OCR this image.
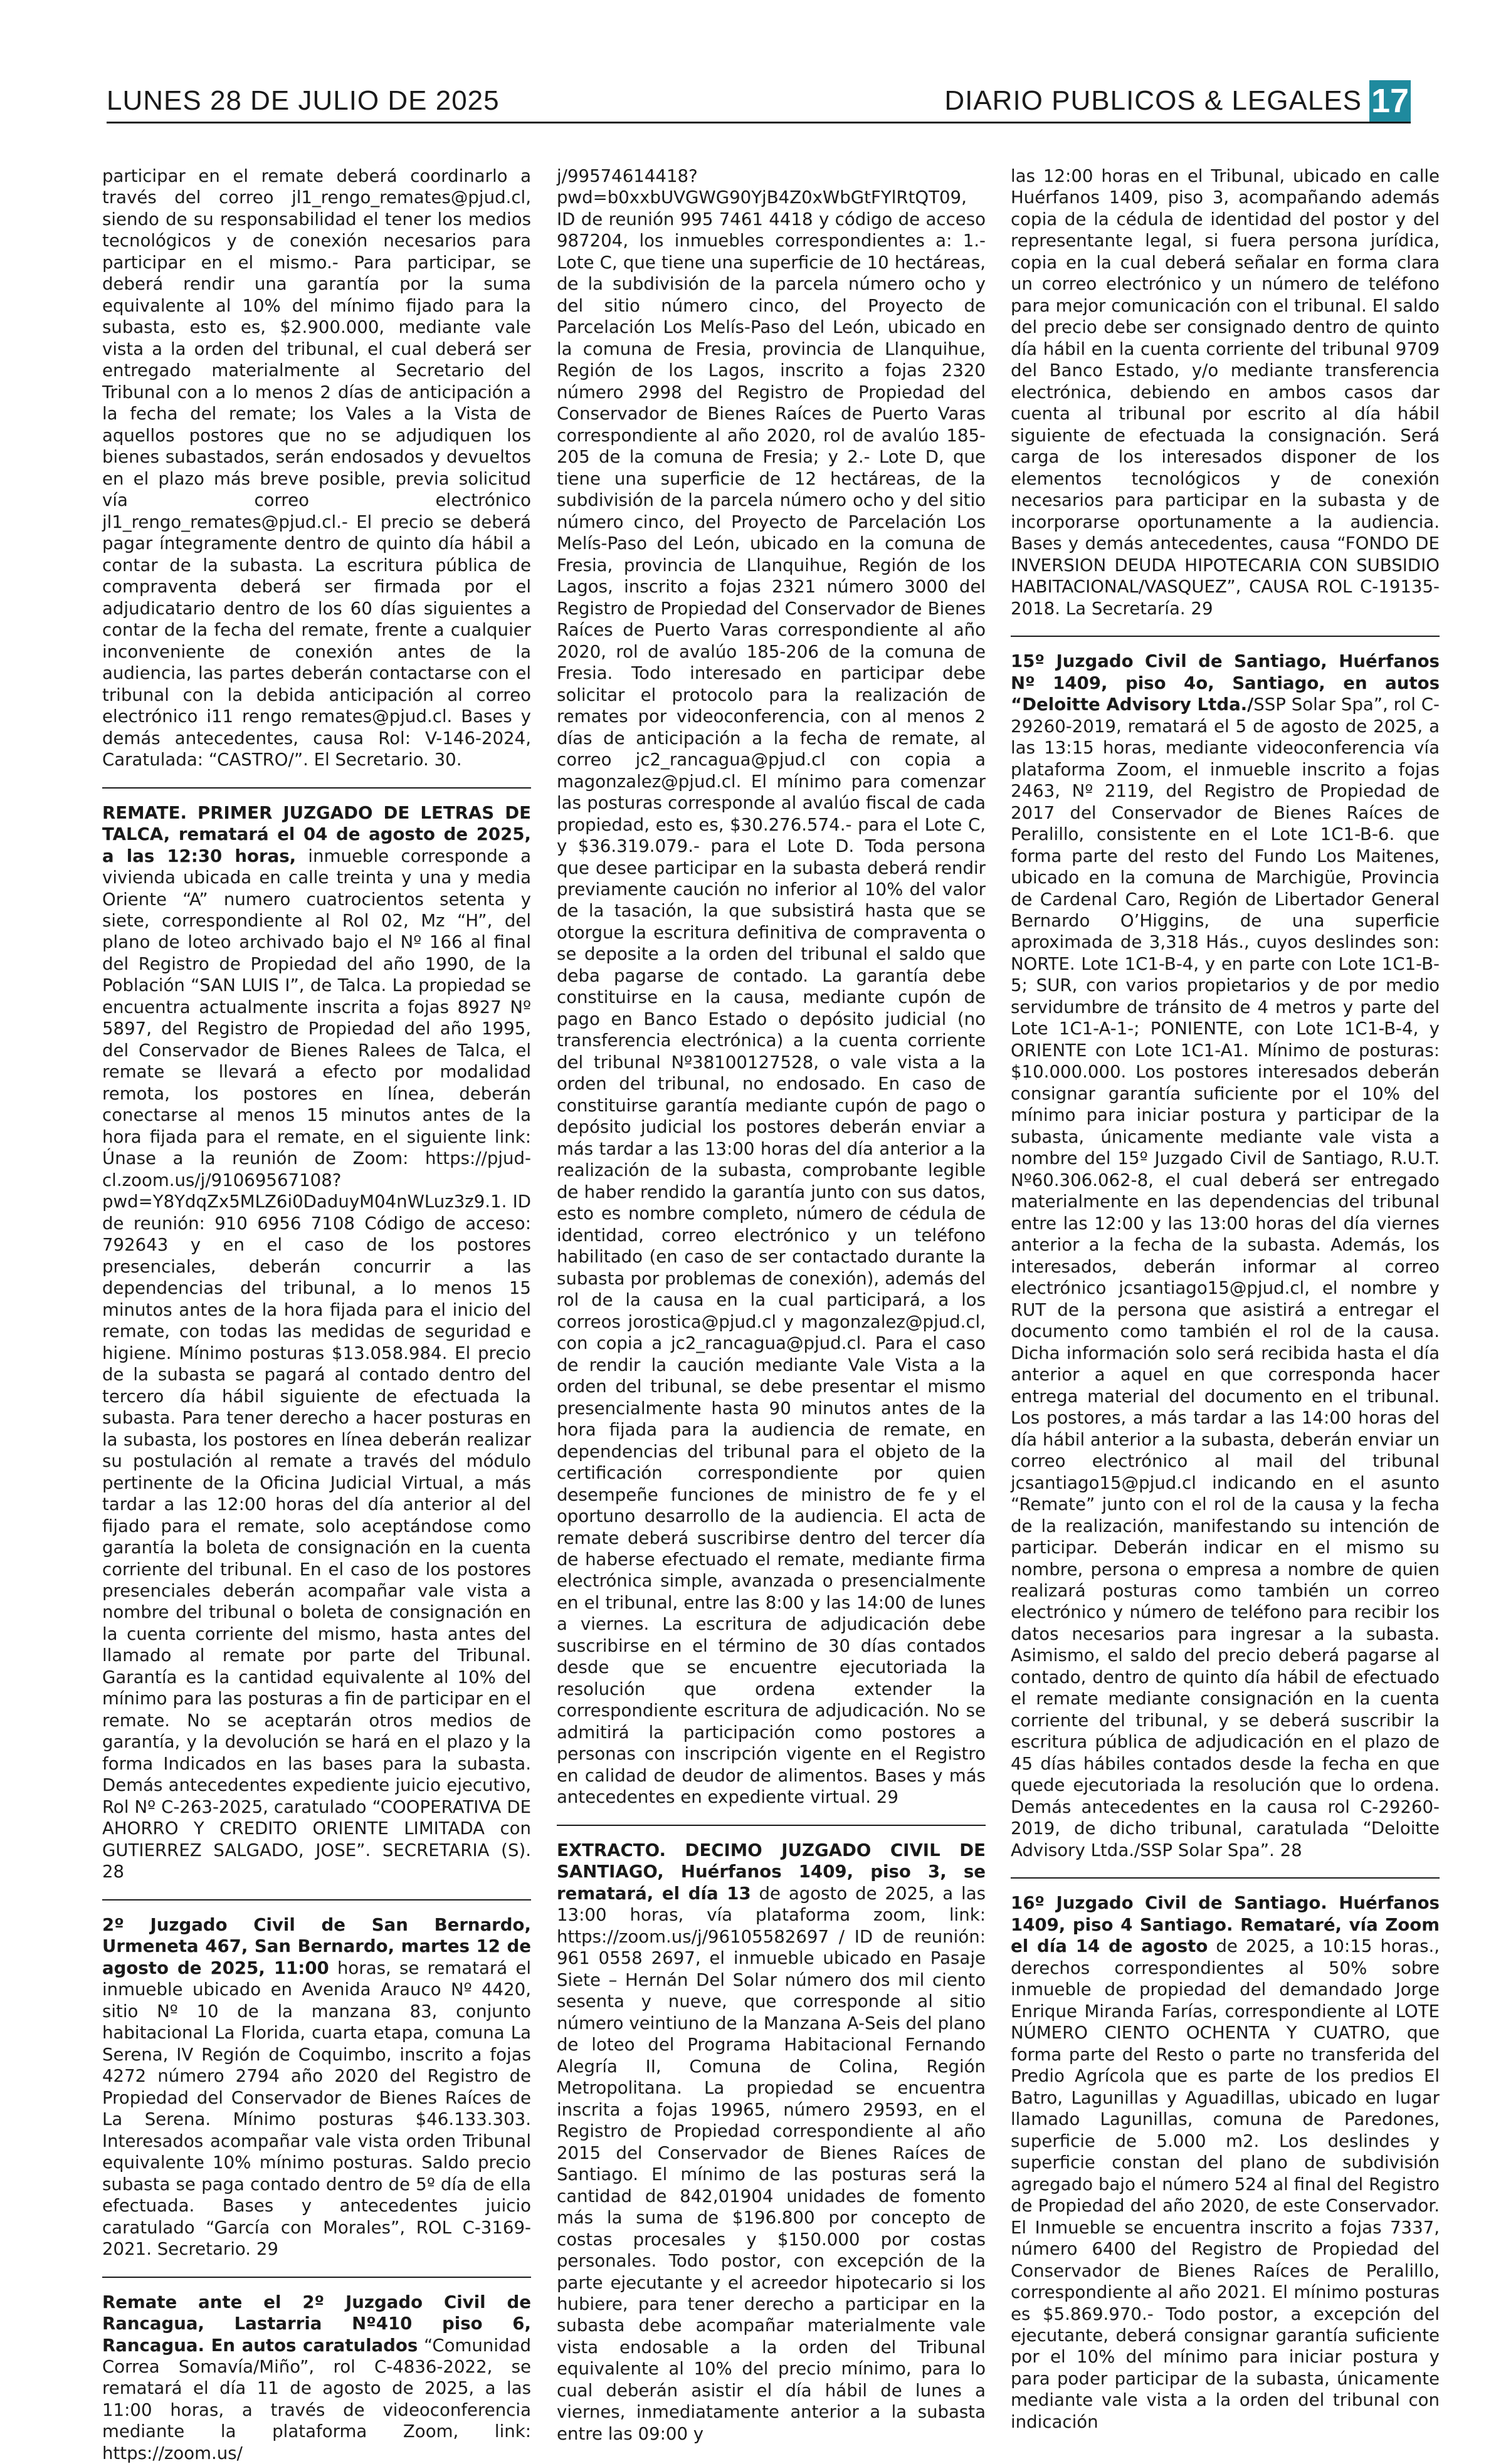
LUNES 28 DE JULIO DE 2025	DIARIO PUBLICOS & LEGALES 17

participar en el remate deberá coordinarlo a través del correo jl1_rengo_remates@pjud.cl, siendo de su responsabilidad el tener los medios tecnológicos y de conexión necesarios para participar en el mismo.- Para participar, se deberá rendir una garantía por la suma equivalente al 10% del mínimo fijado para la subasta, esto es, $2.900.000, mediante vale vista a la orden del tribunal, el cual deberá ser entregado materialmente al Secretario del Tribunal con a lo menos 2 días de anticipación a la fecha del remate; los Vales a la Vista de aquellos postores que no se adjudiquen los bienes subastados, serán endosados y devueltos en el plazo más breve posible, previa solicitud vía correo electrónico jl1_rengo_remates@pjud.cl.- El precio se deberá pagar íntegramente dentro de quinto día hábil a contar de la subasta. La escritura pública de compraventa deberá ser firmada por el adjudicatario dentro de los 60 días siguientes a contar de la fecha del remate, frente a cualquier inconveniente de conexión antes de la audiencia, las partes deberán contactarse con el tribunal con la debida anticipación al correo electrónico i11 rengo remates@pjud.cl. Bases y demás antecedentes, causa Rol: V-146-2024, Caratulada: “CASTRO/”. El Secretario. 30.

REMATE. PRIMER JUZGADO DE LETRAS DE TALCA, rematará el 04 de agosto de 2025, a las 12:30 horas, inmueble corresponde a vivienda ubicada en calle treinta y una y media Oriente “A” numero cuatrocientos setenta y siete, correspondiente al Rol 02, Mz “H”, del plano de loteo archivado bajo el Nº 166 al final del Registro de Propiedad del año 1990, de la Población “SAN LUIS I”, de Talca. La propiedad se encuentra actualmente inscrita a fojas 8927 Nº 5897, del Registro de Propiedad del año 1995, del Conservador de Bienes Ralees de Talca, el remate se llevará a efecto por modalidad remota, los postores en línea, deberán conectarse al menos 15 minutos antes de la hora fijada para el remate, en el siguiente link: Únase a la reunión de Zoom: https://pjud-cl.zoom.us/j/91069567108?pwd=Y8YdqZx5MLZ6i0DaduyM04nWLuz3z9.1. ID de reunión: 910 6956 7108 Código de acceso: 792643 y en el caso de los postores presenciales, deberán concurrir a las dependencias del tribunal, a lo menos 15 minutos antes de la hora fijada para el inicio del remate, con todas las medidas de seguridad e higiene. Mínimo posturas $13.058.984. El precio de la subasta se pagará al contado dentro del tercero día hábil siguiente de efectuada la subasta. Para tener derecho a hacer posturas en la subasta, los postores en línea deberán realizar su postulación al remate a través del módulo pertinente de la Oficina Judicial Virtual, a más tardar a las 12:00 horas del día anterior al del fijado para el remate, solo aceptándose como garantía la boleta de consignación en la cuenta corriente del tribunal. En el caso de los postores presenciales deberán acompañar vale vista a nombre del tribunal o boleta de consignación en la cuenta corriente del mismo, hasta antes del llamado al remate por parte del Tribunal. Garantía es la cantidad equivalente al 10% del mínimo para las posturas a fin de participar en el remate. No se aceptarán otros medios de garantía, y la devolución se hará en el plazo y la forma Indicados en las bases para la subasta. Demás antecedentes expediente juicio ejecutivo, Rol Nº C-263-2025, caratulado “COOPERATIVA DE AHORRO Y CREDITO ORIENTE LIMITADA con GUTIERREZ SALGADO, JOSE”. SECRETARIA (S). 28

2º Juzgado Civil de San Bernardo, Urmeneta 467, San Bernardo, martes 12 de agosto de 2025, 11:00 horas, se rematará el inmueble ubicado en Avenida Arauco Nº 4420, sitio Nº 10 de la manzana 83, conjunto habitacional La Florida, cuarta etapa, comuna La Serena, IV Región de Coquimbo, inscrito a fojas 4272 número 2794 año 2020 del Registro de Propiedad del Conservador de Bienes Raíces de La Serena. Mínimo posturas $46.133.303. Interesados acompañar vale vista orden Tribunal equivalente 10% mínimo posturas. Saldo precio subasta se paga contado dentro de 5º día de ella efectuada. Bases y antecedentes juicio caratulado “García con Morales”, ROL C-3169-2021. Secretario. 29

Remate ante el 2º Juzgado Civil de Rancagua, Lastarria Nº410 piso 6, Rancagua. En autos caratulados “Comunidad Correa Somavía/Miño”, rol C-4836-2022, se rematará el día 11 de agosto de 2025, a las 11:00 horas, a través de videoconferencia mediante la plataforma Zoom, link: https://zoom.us/

j/99574614418?pwd=b0xxbUVGWG90YjB4Z0xWbGtFYlRtQT09, ID de reunión 995 7461 4418 y código de acceso 987204, los inmuebles correspondientes a: 1.- Lote C, que tiene una superficie de 10 hectáreas, de la subdivisión de la parcela número ocho y del sitio número cinco, del Proyecto de Parcelación Los Melís-Paso del León, ubicado en la comuna de Fresia, provincia de Llanquihue, Región de los Lagos, inscrito a fojas 2320 número 2998 del Registro de Propiedad del Conservador de Bienes Raíces de Puerto Varas correspondiente al año 2020, rol de avalúo 185-205 de la comuna de Fresia; y 2.- Lote D, que tiene una superficie de 12 hectáreas, de la subdivisión de la parcela número ocho y del sitio número cinco, del Proyecto de Parcelación Los Melís-Paso del León, ubicado en la comuna de Fresia, provincia de Llanquihue, Región de los Lagos, inscrito a fojas 2321 número 3000 del Registro de Propiedad del Conservador de Bienes Raíces de Puerto Varas correspondiente al año 2020, rol de avalúo 185-206 de la comuna de Fresia. Todo interesado en participar debe solicitar el protocolo para la realización de remates por videoconferencia, con al menos 2 días de anticipación a la fecha de remate, al correo jc2_rancagua@pjud.cl con copia a magonzalez@pjud.cl. El mínimo para comenzar las posturas corresponde al avalúo fiscal de cada propiedad, esto es, $30.276.574.- para el Lote C, y $36.319.079.- para el Lote D. Toda persona que desee participar en la subasta deberá rendir previamente caución no inferior al 10% del valor de la tasación, la que subsistirá hasta que se otorgue la escritura definitiva de compraventa o se deposite a la orden del tribunal el saldo que deba pagarse de contado. La garantía debe constituirse en la causa, mediante cupón de pago en Banco Estado o depósito judicial (no transferencia electrónica) a la cuenta corriente del tribunal Nº38100127528, o vale vista a la orden del tribunal, no endosado. En caso de constituirse garantía mediante cupón de pago o depósito judicial los postores deberán enviar a más tardar a las 13:00 horas del día anterior a la realización de la subasta, comprobante legible de haber rendido la garantía junto con sus datos, esto es nombre completo, número de cédula de identidad, correo electrónico y un teléfono habilitado (en caso de ser contactado durante la subasta por problemas de conexión), además del rol de la causa en la cual participará, a los correos jorostica@pjud.cl y magonzalez@pjud.cl, con copia a jc2_rancagua@pjud.cl. Para el caso de rendir la caución mediante Vale Vista a la orden del tribunal, se debe presentar el mismo presencialmente hasta 90 minutos antes de la hora fijada para la audiencia de remate, en dependencias del tribunal para el objeto de la certificación correspondiente por quien desempeñe funciones de ministro de fe y el oportuno desarrollo de la audiencia. El acta de remate deberá suscribirse dentro del tercer día de haberse efectuado el remate, mediante firma electrónica simple, avanzada o presencialmente en el tribunal, entre las 8:00 y las 14:00 de lunes a viernes. La escritura de adjudicación debe suscribirse en el término de 30 días contados desde que se encuentre ejecutoriada la resolución que ordena extender la correspondiente escritura de adjudicación. No se admitirá la participación como postores a personas con inscripción vigente en el Registro en calidad de deudor de alimentos. Bases y más antecedentes en expediente virtual. 29

EXTRACTO. DECIMO JUZGADO CIVIL DE SANTIAGO, Huérfanos 1409, piso 3, se rematará, el día 13 de agosto de 2025, a las 13:00 horas, vía plataforma zoom, link: https://zoom.us/j/96105582697 / ID de reunión: 961 0558 2697, el inmueble ubicado en Pasaje Siete – Hernán Del Solar número dos mil ciento sesenta y nueve, que corresponde al sitio número veintiuno de la Manzana A-Seis del plano de loteo del Programa Habitacional Fernando Alegría II, Comuna de Colina, Región Metropolitana. La propiedad se encuentra inscrita a fojas 19965, número 29593, en el Registro de Propiedad correspondiente al año 2015 del Conservador de Bienes Raíces de Santiago. El mínimo de las posturas será la cantidad de 842,01904 unidades de fomento más la suma de $196.800 por concepto de costas procesales y $150.000 por costas personales. Todo postor, con excepción de la parte ejecutante y el acreedor hipotecario si los hubiere, para tener derecho a participar en la subasta debe acompañar materialmente vale vista endosable a la orden del Tribunal equivalente al 10% del precio mínimo, para lo cual deberán asistir el día hábil de lunes a viernes, inmediatamente anterior a la subasta entre las 09:00 y

las 12:00 horas en el Tribunal, ubicado en calle Huérfanos 1409, piso 3, acompañando además copia de la cédula de identidad del postor y del representante legal, si fuera persona jurídica, copia en la cual deberá señalar en forma clara un correo electrónico y un número de teléfono para mejor comunicación con el tribunal. El saldo del precio debe ser consignado dentro de quinto día hábil en la cuenta corriente del tribunal 9709 del Banco Estado, y/o mediante transferencia electrónica, debiendo en ambos casos dar cuenta al tribunal por escrito al día hábil siguiente de efectuada la consignación. Será carga de los interesados disponer de los elementos tecnológicos y de conexión necesarios para participar en la subasta y de incorporarse oportunamente a la audiencia. Bases y demás antecedentes, causa “FONDO DE INVERSION DEUDA HIPOTECARIA CON SUBSIDIO HABITACIONAL/VASQUEZ”, CAUSA ROL C-19135-2018. La Secretaría. 29

15º Juzgado Civil de Santiago, Huérfanos Nº 1409, piso 4o, Santiago, en autos “Deloitte Advisory Ltda./SSP Solar Spa”, rol C-29260-2019, rematará el 5 de agosto de 2025, a las 13:15 horas, mediante videoconferencia vía plataforma Zoom, el inmueble inscrito a fojas 2463, Nº 2119, del Registro de Propiedad de 2017 del Conservador de Bienes Raíces de Peralillo, consistente en el Lote 1C1-B-6. que forma parte del resto del Fundo Los Maitenes, ubicado en la comuna de Marchigüe, Provincia de Cardenal Caro, Región de Libertador General Bernardo O’Higgins, de una superficie aproximada de 3,318 Hás., cuyos deslindes son: NORTE. Lote 1C1-B-4, y en parte con Lote 1C1-B-5; SUR, con varios propietarios y de por medio servidumbre de tránsito de 4 metros y parte del Lote 1C1-A-1-; PONIENTE, con Lote 1C1-B-4, y ORIENTE con Lote 1C1-A1. Mínimo de posturas: $10.000.000. Los postores interesados deberán consignar garantía suficiente por el 10% del mínimo para iniciar postura y participar de la subasta, únicamente mediante vale vista a nombre del 15º Juzgado Civil de Santiago, R.U.T. Nº60.306.062-8, el cual deberá ser entregado materialmente en las dependencias del tribunal entre las 12:00 y las 13:00 horas del día viernes anterior a la fecha de la subasta. Además, los interesados, deberán informar al correo electrónico jcsantiago15@pjud.cl, el nombre y RUT de la persona que asistirá a entregar el documento como también el rol de la causa. Dicha información solo será recibida hasta el día anterior a aquel en que corresponda hacer entrega material del documento en el tribunal. Los postores, a más tardar a las 14:00 horas del día hábil anterior a la subasta, deberán enviar un correo electrónico al mail del tribunal jcsantiago15@pjud.cl indicando en el asunto “Remate” junto con el rol de la causa y la fecha de la realización, manifestando su intención de participar. Deberán indicar en el mismo su nombre, persona o empresa a nombre de quien realizará posturas como también un correo electrónico y número de teléfono para recibir los datos necesarios para ingresar a la subasta. Asimismo, el saldo del precio deberá pagarse al contado, dentro de quinto día hábil de efectuado el remate mediante consignación en la cuenta corriente del tribunal, y se deberá suscribir la escritura pública de adjudicación en el plazo de 45 días hábiles contados desde la fecha en que quede ejecutoriada la resolución que lo ordena. Demás antecedentes en la causa rol C-29260-2019, de dicho tribunal, caratulada “Deloitte Advisory Ltda./SSP Solar Spa”. 28

16º Juzgado Civil de Santiago. Huérfanos 1409, piso 4 Santiago. Remataré, vía Zoom el día 14 de agosto de 2025, a 10:15 horas., derechos correspondientes al 50% sobre inmueble de propiedad del demandado Jorge Enrique Miranda Farías, correspondiente al LOTE NÚMERO CIENTO OCHENTA Y CUATRO, que forma parte del Resto o parte no transferida del Predio Agrícola que es parte de los predios El Batro, Lagunillas y Aguadillas, ubicado en lugar llamado Lagunillas, comuna de Paredones, superficie de 5.000 m2. Los deslindes y superficie constan del plano de subdivisión agregado bajo el número 524 al final del Registro de Propiedad del año 2020, de este Conservador. El Inmueble se encuentra inscrito a fojas 7337, número 6400 del Registro de Propiedad del Conservador de Bienes Raíces de Peralillo, correspondiente al año 2021. El mínimo posturas es $5.869.970.- Todo postor, a excepción del ejecutante, deberá consignar garantía suficiente por el 10% del mínimo para iniciar postura y para poder participar de la subasta, únicamente mediante vale vista a la orden del tribunal con indicación
